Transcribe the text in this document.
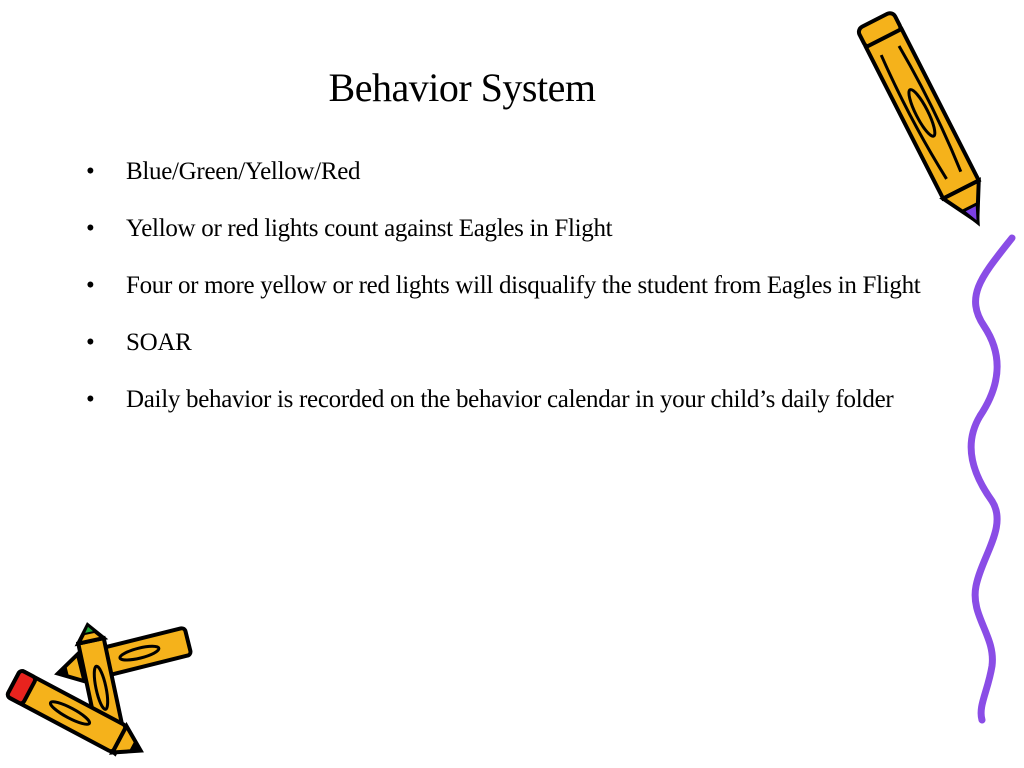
Behavior System
•	Blue/Green/Yellow/Red
•	Yellow or red lights count against Eagles in Flight
•	Four or more yellow or red lights will disqualify the student from Eagles in Flight
•	SOAR
•	Daily behavior is recorded on the behavior calendar in your child’s daily folder
